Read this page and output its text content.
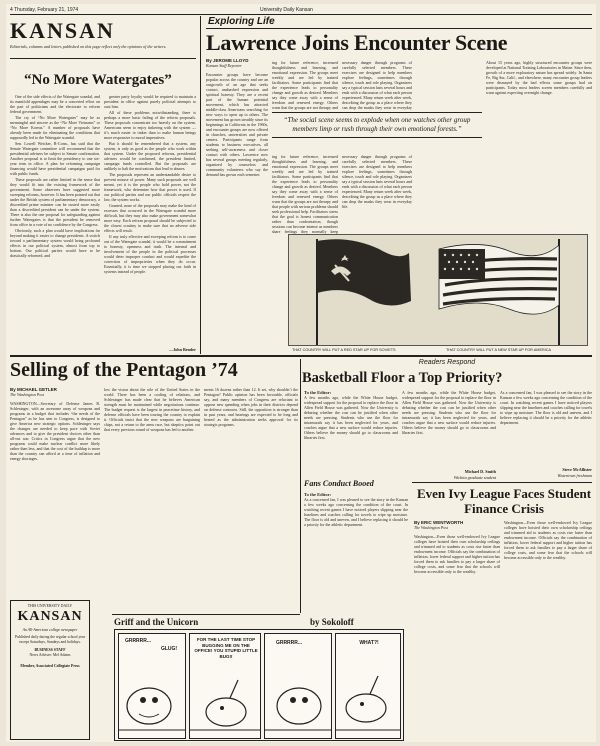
4 Thursday, February 21, 1974	University Daily Kansan
KANSAN
Editorials, columns and letters published on this page reflect only the opinions of the writers.
“No More Watergates”

One of the side effects of the Watergate scandal, and its manifold appendages may be a concerted effort on the part of politicians and the electorate to reform federal government.

The cry of “No More Watergates” may be as meaningful and sincere as the “No More Vietnams” or “No More Koreas.” A number of proposals have already been made for eliminating the conditions that supposedly led to the Watergate scandal.

Sen. Lowell Weicker, R-Conn., has said that the Senate Watergate committee will recommend that the presidential advisers be subject to Senate confirmation. Another proposal is to limit the presidency to one six-year term in office. A plan for reforming campaign financing would have presidential campaigns paid for with public funds.

These proposals are rather limited in the sense that they would fit into the existing framework of the government. Some observers have suggested more sweeping reforms, however. It has been pointed out that under the British system of parliamentary democracy, a discredited prime minister can be ousted more easily than a discredited president can be under the system. There is also the one proposal for safeguarding against further Watergates is that the president be removed from office in a vote of no confidence by the Congress.

Obviously, such a plan would have implications far beyond making it easier to change presidents. A switch toward a parliamentary system would bring profound effects in our political system, almost from top to bottom. Our political parties would have to be drastically reformed, and

greater party loyalty would be required to maintain a president in office against purely political attempts to oust him.

All of these problems notwithstanding, there is perhaps a more basic failing of the reform proposals. These proposals concentrate too heavily on the system. Americans seem to enjoy tinkering with the system — it’s much easier to tinker than to make human beings more responsive to moral imperatives.

But it should be remembered that a system, any system, is only as good as the people who work within that system. Under the proposed reforms, presidential advisers would be confirmed, the president limited, campaign funds controlled. But the proposals are unlikely to halt the motivations that lead to abuses.

The proposals represent an understandable desire to prevent misuse of power. Many such proposals are well meant, yet it is the people who hold power, not the framework, who determine how that power is used. If our political parties and our public officials respect the law, the system works.

Granted, none of the proposals may make the kind of excesses that occurred in the Watergate scandal more difficult, but they may also make government somewhat more easy. Each reform proposal should be subjected to the closest scrutiny to make sure that no adverse side effects will result.

If any truly effective and sweeping reform is to come out of the Watergate scandal, it would be a commitment to honesty, openness and truth. The internal and involvement of the people in the political processes would deter improper conduct and would expedite the correction of improprieties when they do occur. Essentially, it is time we stopped placing our faith in systems instead of people.

—John Bender
Exploring Life
Lawrence Joins Encounter Scene
By JEROME LLOYD
Kansan Staff Reporter
Encounter groups have become popular across the country and are an outgrowth of an age that seeks contact, unabashed expression and spiritual honesty. They are a recent part of the human potential movement, which has attracted middle-class Americans searching for new ways to open up to others. The movement has grown steadily since its beginnings in California in the 1960s, and encounter groups are now offered in churches, universities and private centers. Participants range from students to business executives, all seeking self-awareness and closer contact with others. Lawrence now has several groups meeting regularly, organized by counselors and community volunteers who say the demand has grown each semester.
ing for future reference, increased thoughtfulness and learning, and emotional expression. The groups meet weekly and are led by trained facilitators. Some participants find that the experience leads to personality change and growth as desired. Members say they come away with a sense of freedom and renewed energy. Others warn that the groups are not therapy and
necessary danger through programs of carefully selected members. These exercises are designed to help members explore feelings, sometimes through silence, touch and role playing. Organizers say a typical session lasts several hours and ends with a discussion of what each person experienced. Many return week after week, describing the group as a place where they can drop the masks they wear in everyday
“The social scene seems to explode when one watches other group members limp or rush through their own emotional forests.”
ing for future reference, increased thoughtfulness and learning, and emotional expression. The groups meet weekly and are led by trained facilitators. Some participants find that the experience leads to personality change and growth as desired. Members say they come away with a sense of freedom and renewed energy. Others warn that the groups are not therapy and that people with serious problems should seek professional help. Facilitators stress that the goal is honest communication rather than confrontation, though sessions can become intense as members share feelings they normally keep
necessary danger through programs of carefully selected members. These exercises are designed to help members explore feelings, sometimes through silence, touch and role playing. Organizers say a typical session lasts several hours and ends with a discussion of what each person experienced. Many return week after week, describing the group as a place where they can drop the masks they wear in everyday life.
About 15 years ago, highly structured encounter groups were developed at National Training Laboratories in Maine. Since then, growth of a more exploratory nature has spread widely. In Santa Fe, Big Sur, Calif., and elsewhere, many encounter group leaders were dismayed by the bad effects some groups had on participants. Today most leaders screen members carefully and warn against expecting overnight change.
THAT COUNTRY WILL PUT A RED STAR UP FOR SOVIETS	THAT COUNTRY WILL PUT A NEW STAR UP FOR AMERICA
Selling of the Pentagon ’74
By MICHAEL GETLER
The Washington Post
WASHINGTON—Secretary of Defense James R. Schlesinger, with an awesome array of weapons and programs in a budget that includes “the needs of the Pentagon” as he has sent to Congress, is designed to give America new strategic options. Schlesinger says the changes are needed to keep pace with Soviet advances and to give the president choices other than all-out war. Critics in Congress argue that the new programs could make nuclear conflict more likely rather than less, and that the cost of the buildup is more than the country can afford at a time of inflation and energy shortages.
low the vision about the role of the United States in the world. There has been a cooling of relations, and Schlesinger has made clear that he believes American strength must be maintained while negotiations continue. The budget request is the largest in peacetime history, and defense officials have been touring the country to explain it. Officials insist that the new weapons are bargaining chips, not a return to the arms race, but skeptics point out that every previous round of weapons has led to another.
ments 16 dozens rather than 12. It set, why shouldn’t the Pentagon? Public opinion has been favorable, officials say, and many members of Congress are reluctant to oppose new spending when jobs in their districts depend on defense contracts. Still, the opposition is stronger than in past years, and hearings are expected to be long and heated as the administration seeks approval for its strategic programs.
Readers Respond
Basketball Floor a Top Priority?
To the Editor:
A few months ago, while the White House budget, widespread support for the proposal to replace the floor in Allen Field House was gathered. Now the University is debating whether the cost can be justified when other needs are pressing. Students who use the floor for intramurals say it has been neglected for years, and coaches argue that a new surface would reduce injuries. Others believe the money should go to classrooms and libraries first.
A few months ago, while the White House budget, widespread support for the proposal to replace the floor in Allen Field House was gathered. Now the University is debating whether the cost can be justified when other needs are pressing. Students who use the floor for intramurals say it has been neglected for years, and coaches argue that a new surface would reduce injuries. Others believe the money should go to classrooms and libraries first.
Michael D. Smith
Wichita graduate student
Fans Conduct Booed
To the Editor:
As a concerned fan, I was pleased to see the story in the Kansan a few weeks ago concerning the condition of the court. In watching recent games I have noticed players slipping near the baselines and coaches calling for towels to wipe up moisture. The floor is old and uneven, and I believe replacing it should be a priority for the athletic department.
As a concerned fan, I was pleased to see the story in the Kansan a few weeks ago concerning the condition of the court. In watching recent games I have noticed players slipping near the baselines and coaches calling for towels to wipe up moisture. The floor is old and uneven, and I believe replacing it should be a priority for the athletic department.
Steve McAllister
Watertown freshman
Even Ivy League Faces Student Finance Crisis
By ERIC WENTWORTH
The Washington Post
Washington—Even those well-endowed Ivy League colleges have hoisted their own scholarship ceilings and trimmed aid to students as costs rise faster than endowment income. Officials say the combination of inflation, lower federal support and higher tuition has forced them to ask families to pay a larger share of college costs, and some fear that the schools will become accessible only to the wealthy.
Washington—Even those well-endowed Ivy League colleges have hoisted their own scholarship ceilings and trimmed aid to students as costs rise faster than endowment income. Officials say the combination of inflation, lower federal support and higher tuition has forced them to ask families to pay a larger share of college costs, and some fear that the schools will become accessible only to the wealthy.
THIS UNIVERSITY DAILY
KANSAN
An All-American college newspaper
Published daily during the regular school year except Saturdays, Sundays and holidays.
BUSINESS STAFF
News Adviser: Mel Adams
Member, Associated Collegiate Press
Griff and the Unicorn	by Sokoloff
GRRRRR...
GLUG!
FOR THE LAST TIME STOP BUGGING ME ON THE OFFICE! YOU STUPID LITTLE BUG!!
GRRRRR...	WHAT?!
